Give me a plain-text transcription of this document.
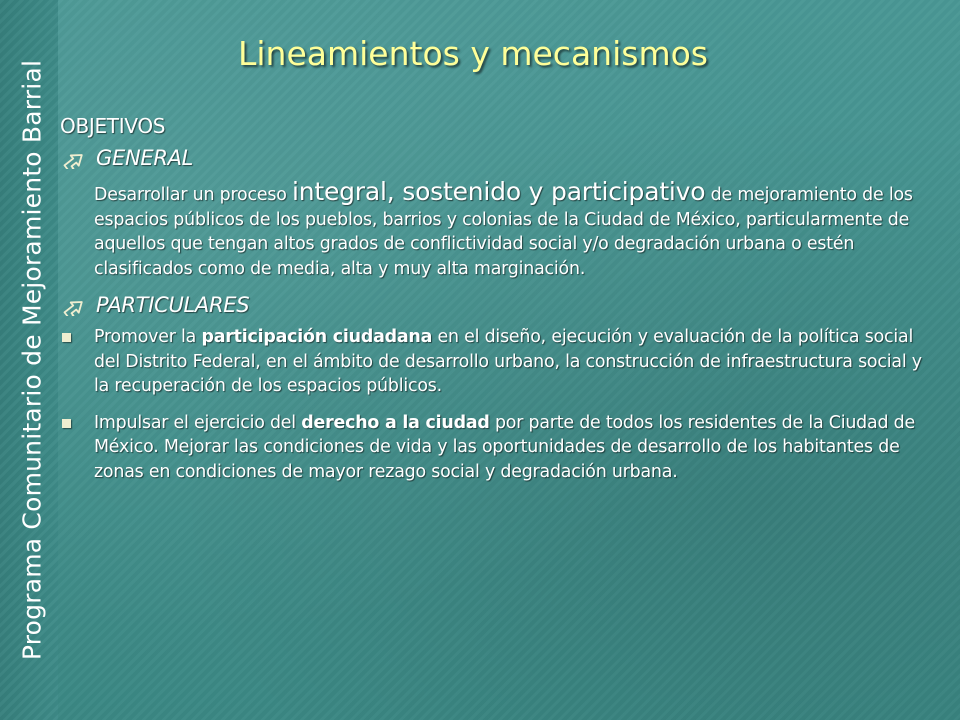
Programa Comunitario de Mejoramiento Barrial
Lineamientos y mecanismos
OBJETIVOS
GENERAL
Desarrollar un proceso integral, sostenido y participativo de mejoramiento de los espacios públicos de los pueblos, barrios y colonias de la Ciudad de México, particularmente de aquellos que tengan altos grados de conflictividad social y/o degradación urbana o estén clasificados como de media, alta y muy alta marginación.
PARTICULARES
Promover la participación ciudadana en el diseño, ejecución y evaluación de la política social del Distrito Federal, en el ámbito de desarrollo urbano, la construcción de infraestructura social y la recuperación de los espacios públicos.
Impulsar el ejercicio del derecho a la ciudad por parte de todos los residentes de la Ciudad de México. Mejorar las condiciones de vida y las oportunidades de desarrollo de los habitantes de zonas en condiciones de mayor rezago social y degradación urbana.
